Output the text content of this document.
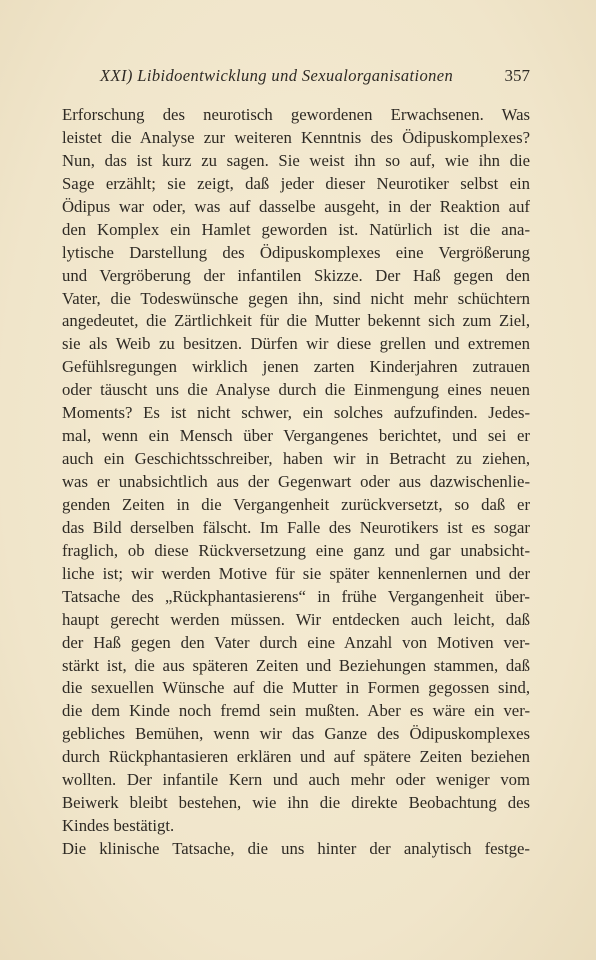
XXI) Libidoentwicklung und Sexualorganisationen	357
Erforschung des neurotisch gewordenen Erwachsenen. Was
leistet die Analyse zur weiteren Kenntnis des Ödipuskomplexes?
Nun, das ist kurz zu sagen. Sie weist ihn so auf, wie ihn die
Sage erzählt; sie zeigt, daß jeder dieser Neurotiker selbst ein
Ödipus war oder, was auf dasselbe ausgeht, in der Reaktion auf
den Komplex ein Hamlet geworden ist. Natürlich ist die ana-
lytische Darstellung des Ödipuskomplexes eine Vergrößerung
und Vergröberung der infantilen Skizze. Der Haß gegen den
Vater, die Todeswünsche gegen ihn, sind nicht mehr schüchtern
angedeutet, die Zärtlichkeit für die Mutter bekennt sich zum Ziel,
sie als Weib zu besitzen. Dürfen wir diese grellen und extremen
Gefühlsregungen wirklich jenen zarten Kinderjahren zutrauen
oder täuscht uns die Analyse durch die Einmengung eines neuen
Moments? Es ist nicht schwer, ein solches aufzufinden. Jedes-
mal, wenn ein Mensch über Vergangenes berichtet, und sei er
auch ein Geschichtsschreiber, haben wir in Betracht zu ziehen,
was er unabsichtlich aus der Gegenwart oder aus dazwischenlie-
genden Zeiten in die Vergangenheit zurückversetzt, so daß er
das Bild derselben fälscht. Im Falle des Neurotikers ist es sogar
fraglich, ob diese Rückversetzung eine ganz und gar unabsicht-
liche ist; wir werden Motive für sie später kennenlernen und der
Tatsache des „Rückphantasierens“ in frühe Vergangenheit über-
haupt gerecht werden müssen. Wir entdecken auch leicht, daß
der Haß gegen den Vater durch eine Anzahl von Motiven ver-
stärkt ist, die aus späteren Zeiten und Beziehungen stammen, daß
die sexuellen Wünsche auf die Mutter in Formen gegossen sind,
die dem Kinde noch fremd sein mußten. Aber es wäre ein ver-
gebliches Bemühen, wenn wir das Ganze des Ödipuskomplexes
durch Rückphantasieren erklären und auf spätere Zeiten beziehen
wollten. Der infantile Kern und auch mehr oder weniger vom
Beiwerk bleibt bestehen, wie ihn die direkte Beobachtung des
Kindes bestätigt.
Die klinische Tatsache, die uns hinter der analytisch festge-
